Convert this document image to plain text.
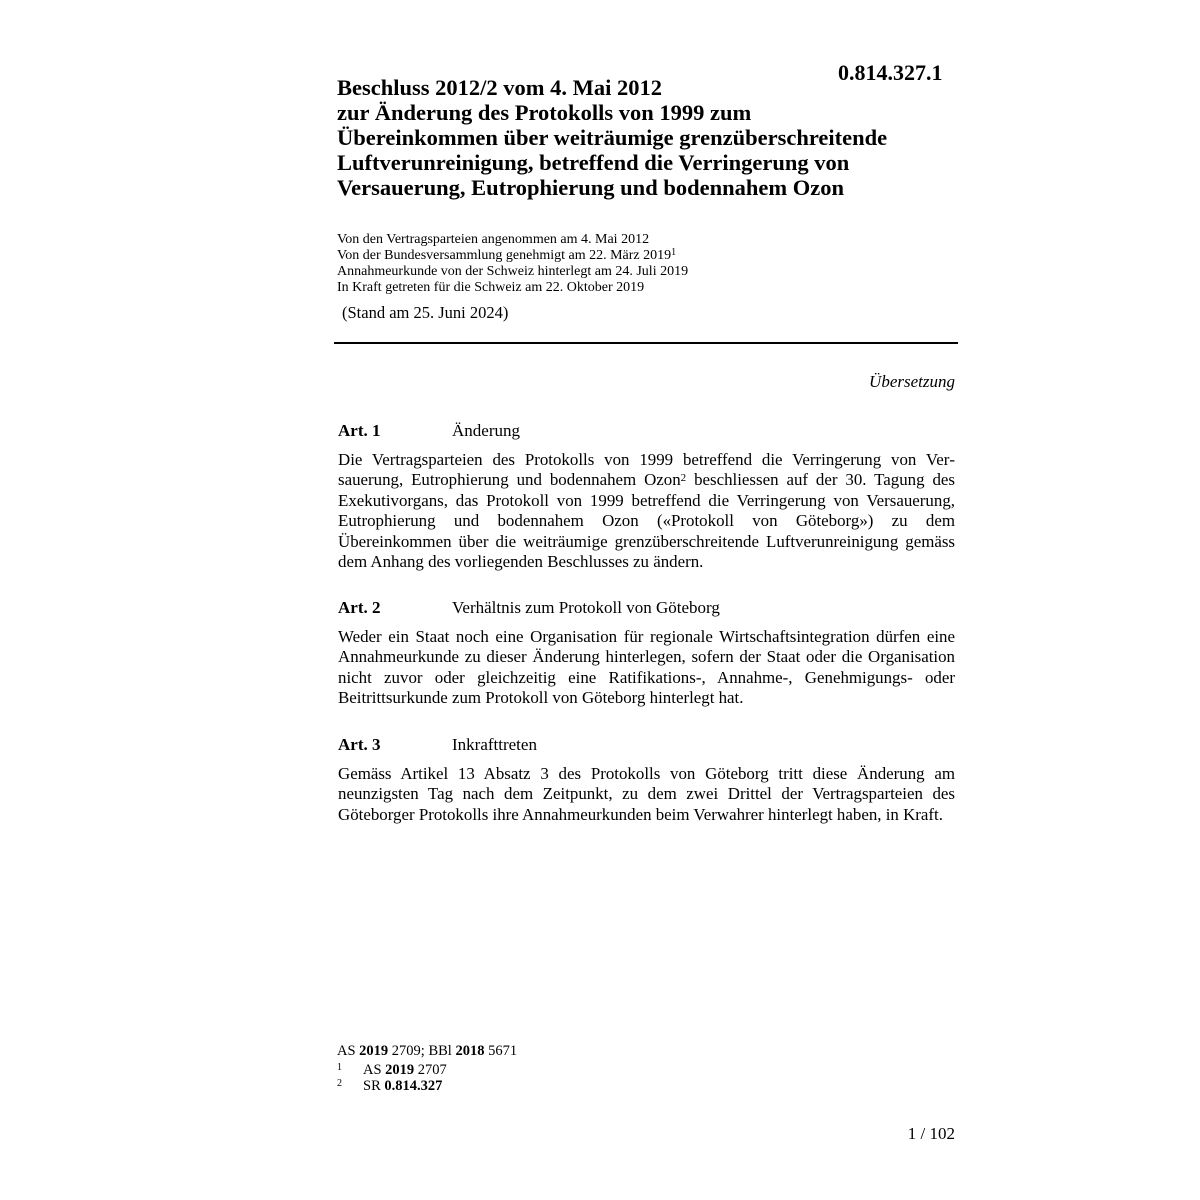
0.814.327.1
Beschluss 2012/2 vom 4. Mai 2012
zur Änderung des Protokolls von 1999 zum
Übereinkommen über weiträumige grenzüberschreitende
Luftverunreinigung, betreffend die Verringerung von
Versauerung, Eutrophierung und bodennahem Ozon
Von den Vertragsparteien angenommen am 4. Mai 2012
Von der Bundesversammlung genehmigt am 22. März 2019$^1$
Annahmeurkunde von der Schweiz hinterlegt am 24. Juli 2019
In Kraft getreten für die Schweiz am 22. Oktober 2019
(Stand am 25. Juni 2024)
Übersetzung
Art. 1	Änderung

Die Vertragsparteien des Protokolls von 1999 betreffend die Verringerung von Versauerung, Eutrophierung und bodennahem Ozon$^2$ beschliessen auf der 30. Tagung des Exekutivorgans, das Protokoll von 1999 betreffend die Verringerung von Versauerung, Eutrophierung und bodennahem Ozon («Protokoll von Göteborg») zu dem Übereinkommen über die weiträumige grenzüberschreitende Luftverunreinigung gemäss dem Anhang des vorliegenden Beschlusses zu ändern.

Art. 2	Verhältnis zum Protokoll von Göteborg

Weder ein Staat noch eine Organisation für regionale Wirtschaftsintegration dürfen eine Annahmeurkunde zu dieser Änderung hinterlegen, sofern der Staat oder die Organisation nicht zuvor oder gleichzeitig eine Ratifikations-, Annahme-, Genehmigungs- oder Beitrittsurkunde zum Protokoll von Göteborg hinterlegt hat.

Art. 3	Inkrafttreten

Gemäss Artikel 13 Absatz 3 des Protokolls von Göteborg tritt diese Änderung am neunzigsten Tag nach dem Zeitpunkt, zu dem zwei Drittel der Vertragsparteien des Göteborger Protokolls ihre Annahmeurkunden beim Verwahrer hinterlegt haben, in Kraft.

AS 2019 2709; BBl 2018 5671
1 AS 2019 2707
2 SR 0.814.327
1 / 102
